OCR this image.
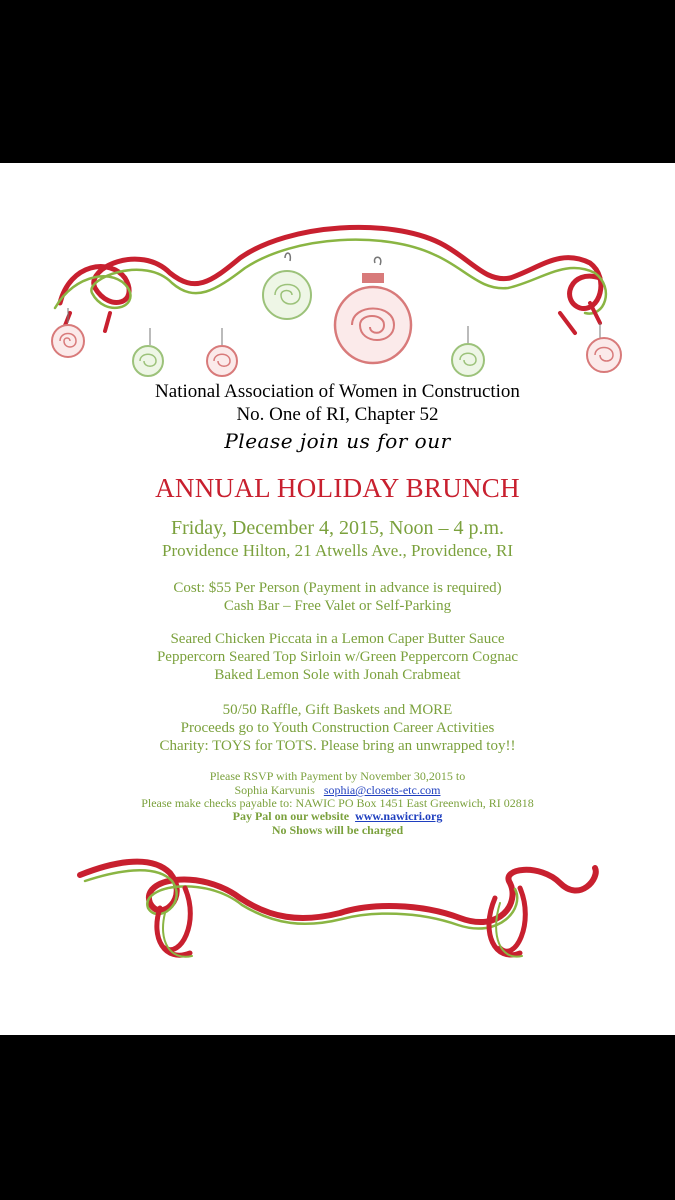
National Association of Women in Construction
No. One of RI, Chapter 52
Please join us for our
ANNUAL HOLIDAY BRUNCH
Friday, December 4, 2015, Noon – 4 p.m.
Providence Hilton, 21 Atwells Ave., Providence, RI
Cost: $55 Per Person (Payment in advance is required)
Cash Bar – Free Valet or Self-Parking
Seared Chicken Piccata in a Lemon Caper Butter Sauce
Peppercorn Seared Top Sirloin w/Green Peppercorn Cognac
Baked Lemon Sole with Jonah Crabmeat
50/50 Raffle, Gift Baskets and MORE
Proceeds go to Youth Construction Career Activities
Charity: TOYS for TOTS. Please bring an unwrapped toy!!
Please RSVP with Payment by November 30,2015 to
Sophia Karvunis sophia@closets-etc.com
Please make checks payable to: NAWIC PO Box 1451 East Greenwich, RI 02818
Pay Pal on our website www.nawicri.org
No Shows will be charged
